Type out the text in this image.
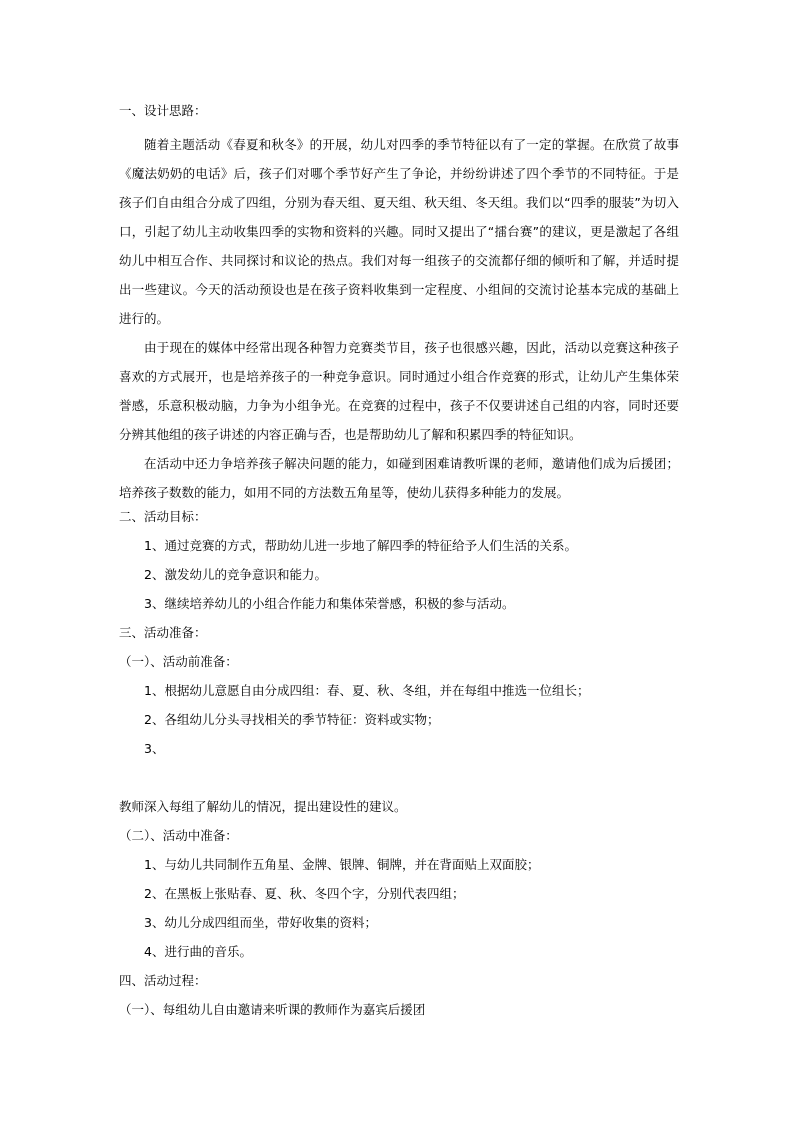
一、设计思路：

随着主题活动《春夏和秋冬》的开展，幼儿对四季的季节特征以有了一定的掌握。在欣赏了故事《魔法奶奶的电话》后，孩子们对哪个季节好产生了争论，并纷纷讲述了四个季节的不同特征。于是孩子们自由组合分成了四组，分别为春天组、夏天组、秋天组、冬天组。我们以“四季的服装”为切入口，引起了幼儿主动收集四季的实物和资料的兴趣。同时又提出了“擂台赛”的建议，更是激起了各组幼儿中相互合作、共同探讨和议论的热点。我们对每一组孩子的交流都仔细的倾听和了解，并适时提出一些建议。今天的活动预设也是在孩子资料收集到一定程度、小组间的交流讨论基本完成的基础上进行的。

由于现在的媒体中经常出现各种智力竞赛类节目，孩子也很感兴趣，因此，活动以竞赛这种孩子喜欢的方式展开，也是培养孩子的一种竞争意识。同时通过小组合作竞赛的形式，让幼儿产生集体荣誉感，乐意积极动脑，力争为小组争光。在竞赛的过程中，孩子不仅要讲述自己组的内容，同时还要分辨其他组的孩子讲述的内容正确与否，也是帮助幼儿了解和积累四季的特征知识。

在活动中还力争培养孩子解决问题的能力，如碰到困难请教听课的老师，邀请他们成为后援团；培养孩子数数的能力，如用不同的方法数五角星等，使幼儿获得多种能力的发展。

二、活动目标：
1、通过竞赛的方式，帮助幼儿进一步地了解四季的特征给予人们生活的关系。
2、激发幼儿的竞争意识和能力。
3、继续培养幼儿的小组合作能力和集体荣誉感，积极的参与活动。
三、活动准备：
（一）、活动前准备：
1、根据幼儿意愿自由分成四组：春、夏、秋、冬组，并在每组中推选一位组长；
2、各组幼儿分头寻找相关的季节特征：资料或实物；
3、
教师深入每组了解幼儿的情况，提出建设性的建议。
（二）、活动中准备：
1、与幼儿共同制作五角星、金牌、银牌、铜牌，并在背面贴上双面胶；
2、在黑板上张贴春、夏、秋、冬四个字，分别代表四组；
3、幼儿分成四组而坐，带好收集的资料；
4、进行曲的音乐。
四、活动过程：
（一）、每组幼儿自由邀请来听课的教师作为嘉宾后援团
